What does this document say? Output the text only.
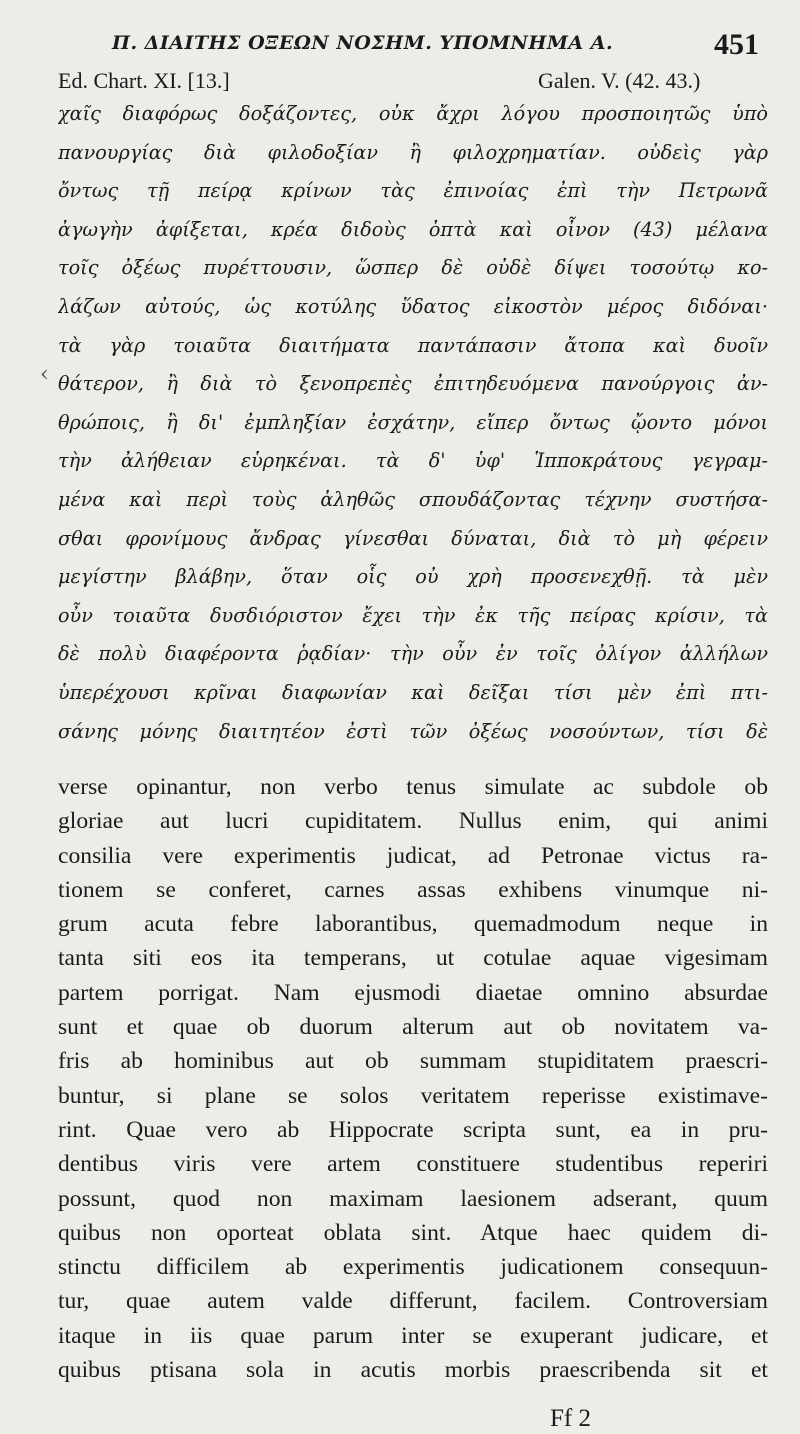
Π. ΔΙΑΙΤΗΣ ΟΞΕΩΝ ΝΟΣΗΜ. ΥΠΟΜΝΗΜΑ Α.	451
Ed. Chart. XI. [13.]	Galen. V. (42. 43.)
‹
χαῖς διαφόρως δοξάζοντες, οὐκ ἄχρι λόγου προσποιητῶς ὑπὸ
πανουργίας διὰ φιλοδοξίαν ἢ φιλοχρηματίαν. οὐδεὶς γὰρ
ὄντως τῇ πείρᾳ κρίνων τὰς ἐπινοίας ἐπὶ τὴν Πετρωνᾶ
ἀγωγὴν ἀφίξεται, κρέα διδοὺς ὀπτὰ καὶ οἶνον (43) μέλανα
τοῖς ὀξέως πυρέττουσιν, ὥσπερ δὲ οὐδὲ δίψει τοσούτῳ κο-
λάζων αὐτούς, ὡς κοτύλης ὕδατος εἰκοστὸν μέρος διδόναι·
τὰ γὰρ τοιαῦτα διαιτήματα παντάπασιν ἄτοπα καὶ δυοῖν
θάτερον, ἢ διὰ τὸ ξενοπρεπὲς ἐπιτηδευόμενα πανούργοις ἀν-
θρώποις, ἢ δι' ἐμπληξίαν ἐσχάτην, εἴπερ ὄντως ᾤοντο μόνοι
τὴν ἀλήθειαν εὑρηκέναι. τὰ δ' ὑφ' Ἱπποκράτους γεγραμ-
μένα καὶ περὶ τοὺς ἀληθῶς σπουδάζοντας τέχνην συστήσα-
σθαι φρονίμους ἄνδρας γίνεσθαι δύναται, διὰ τὸ μὴ φέρειν
μεγίστην βλάβην, ὅταν οἷς οὐ χρὴ προσενεχθῇ. τὰ μὲν
οὖν τοιαῦτα δυσδιόριστον ἔχει τὴν ἐκ τῆς πείρας κρίσιν, τὰ
δὲ πολὺ διαφέροντα ῥᾳδίαν· τὴν οὖν ἐν τοῖς ὀλίγον ἀλλήλων
ὑπερέχουσι κρῖναι διαφωνίαν καὶ δεῖξαι τίσι μὲν ἐπὶ πτι-
σάνης μόνης διαιτητέον ἐστὶ τῶν ὀξέως νοσούντων, τίσι δὲ
verse opinantur, non verbo tenus simulate ac subdole ob
gloriae aut lucri cupiditatem. Nullus enim, qui animi
consilia vere experimentis judicat, ad Petronae victus ra-
tionem se conferet, carnes assas exhibens vinumque ni-
grum acuta febre laborantibus, quemadmodum neque in
tanta siti eos ita temperans, ut cotulae aquae vigesimam
partem porrigat. Nam ejusmodi diaetae omnino absurdae
sunt et quae ob duorum alterum aut ob novitatem va-
fris ab hominibus aut ob summam stupiditatem praescri-
buntur, si plane se solos veritatem reperisse existimave-
rint. Quae vero ab Hippocrate scripta sunt, ea in pru-
dentibus viris vere artem constituere studentibus reperiri
possunt, quod non maximam laesionem adserant, quum
quibus non oporteat oblata sint. Atque haec quidem di-
stinctu difficilem ab experimentis judicationem consequun-
tur, quae autem valde differunt, facilem. Controversiam
itaque in iis quae parum inter se exuperant judicare, et
quibus ptisana sola in acutis morbis praescribenda sit et
Ff 2
